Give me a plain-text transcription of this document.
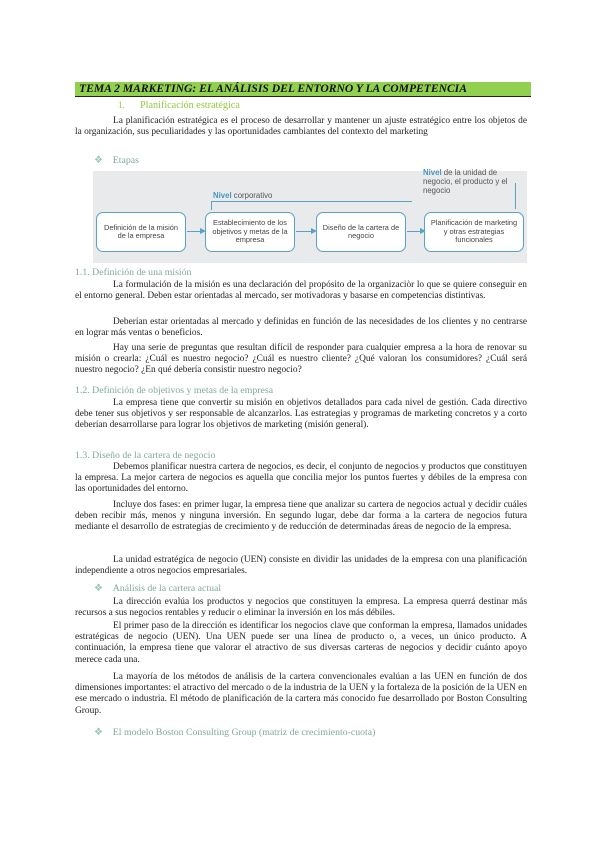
TEMA 2 MARKETING: EL ANÁLISIS DEL ENTORNO Y LA COMPETENCIA
1. Planificación estratégica
La planificación estratégica es el proceso de desarrollar y mantener un ajuste estratégico entre los objetos de la organización, sus peculiaridades y las oportunidades cambiantes del contexto del marketing
❖ Etapas
Nivel corporativo
Nivel de la unidad de negocio, el producto y el negocio
Definición de la misión de la empresa
Establecimiento de los objetivos y metas de la empresa
Diseño de la cartera de negocio
Planificación de marketing y otras estrategias funcionales
1.1. Definición de una misión
La formulación de la misión es una declaración del propósito de la organizaciòr lo que se quiere conseguir en el entorno general. Deben estar orientadas al mercado, ser motivadoras y basarse en competencias distintivas.
Deberían estar orientadas al mercado y definidas en función de las necesidades de los clientes y no centrarse en lograr más ventas o beneficios.
Hay una serie de preguntas que resultan difícil de responder para cualquier empresa a la hora de renovar su misión o crearla: ¿Cuál es nuestro negocio? ¿Cuál es nuestro cliente? ¿Qué valoran los consumidores? ¿Cuál será nuestro negocio? ¿En qué debería consistir nuestro negocio?
1.2. Definición de objetivos y metas de la empresa
La empresa tiene que convertir su misión en objetivos detallados para cada nivel de gestión. Cada directivo debe tener sus objetivos y ser responsable de alcanzarlos. Las estrategias y programas de marketing concretos y a corto deberían desarrollarse para lograr los objetivos de marketing (misión general).
1.3. Diseño de la cartera de negocio
Debemos planificar nuestra cartera de negocios, es decir, el conjunto de negocios y productos que constituyen la empresa. La mejor cartera de negocios es aquella que concilia mejor los puntos fuertes y débiles de la empresa con las oportunidades del entorno.
Incluye dos fases: en primer lugar, la empresa tiene que analizar su cartera de negocios actual y decidir cuáles deben recibir más, menos y ninguna inversión. En segundo lugar, debe dar forma a la cartera de negocios futura mediante el desarrollo de estrategias de crecimiento y de reducción de determinadas áreas de negocio de la empresa.
La unidad estratégica de negocio (UEN) consiste en dividir las unidades de la empresa con una planificación independiente a otros negocios empresariales.
❖ Análisis de la cartera actual
La dirección evalúa los productos y negocios que constituyen la empresa. La empresa querrá destinar más recursos a sus negocios rentables y reducir o eliminar la inversión en los más débiles.
El primer paso de la dirección es identificar los negocios clave que conforman la empresa, llamados unidades estratégicas de negocio (UEN). Una UEN puede ser una línea de producto o, a veces, un único producto. A continuación, la empresa tiene que valorar el atractivo de sus diversas carteras de negocios y decidir cuánto apoyo merece cada una.
La mayoría de los métodos de análisis de la cartera convencionales evalúan a las UEN en función de dos dimensiones importantes: el atractivo del mercado o de la industria de la UEN y la fortaleza de la posición de la UEN en ese mercado o industria. El método de planificación de la cartera más conocido fue desarrollado por Boston Consulting Group.
❖ El modelo Boston Consulting Group (matriz de crecimiento-cuota)
